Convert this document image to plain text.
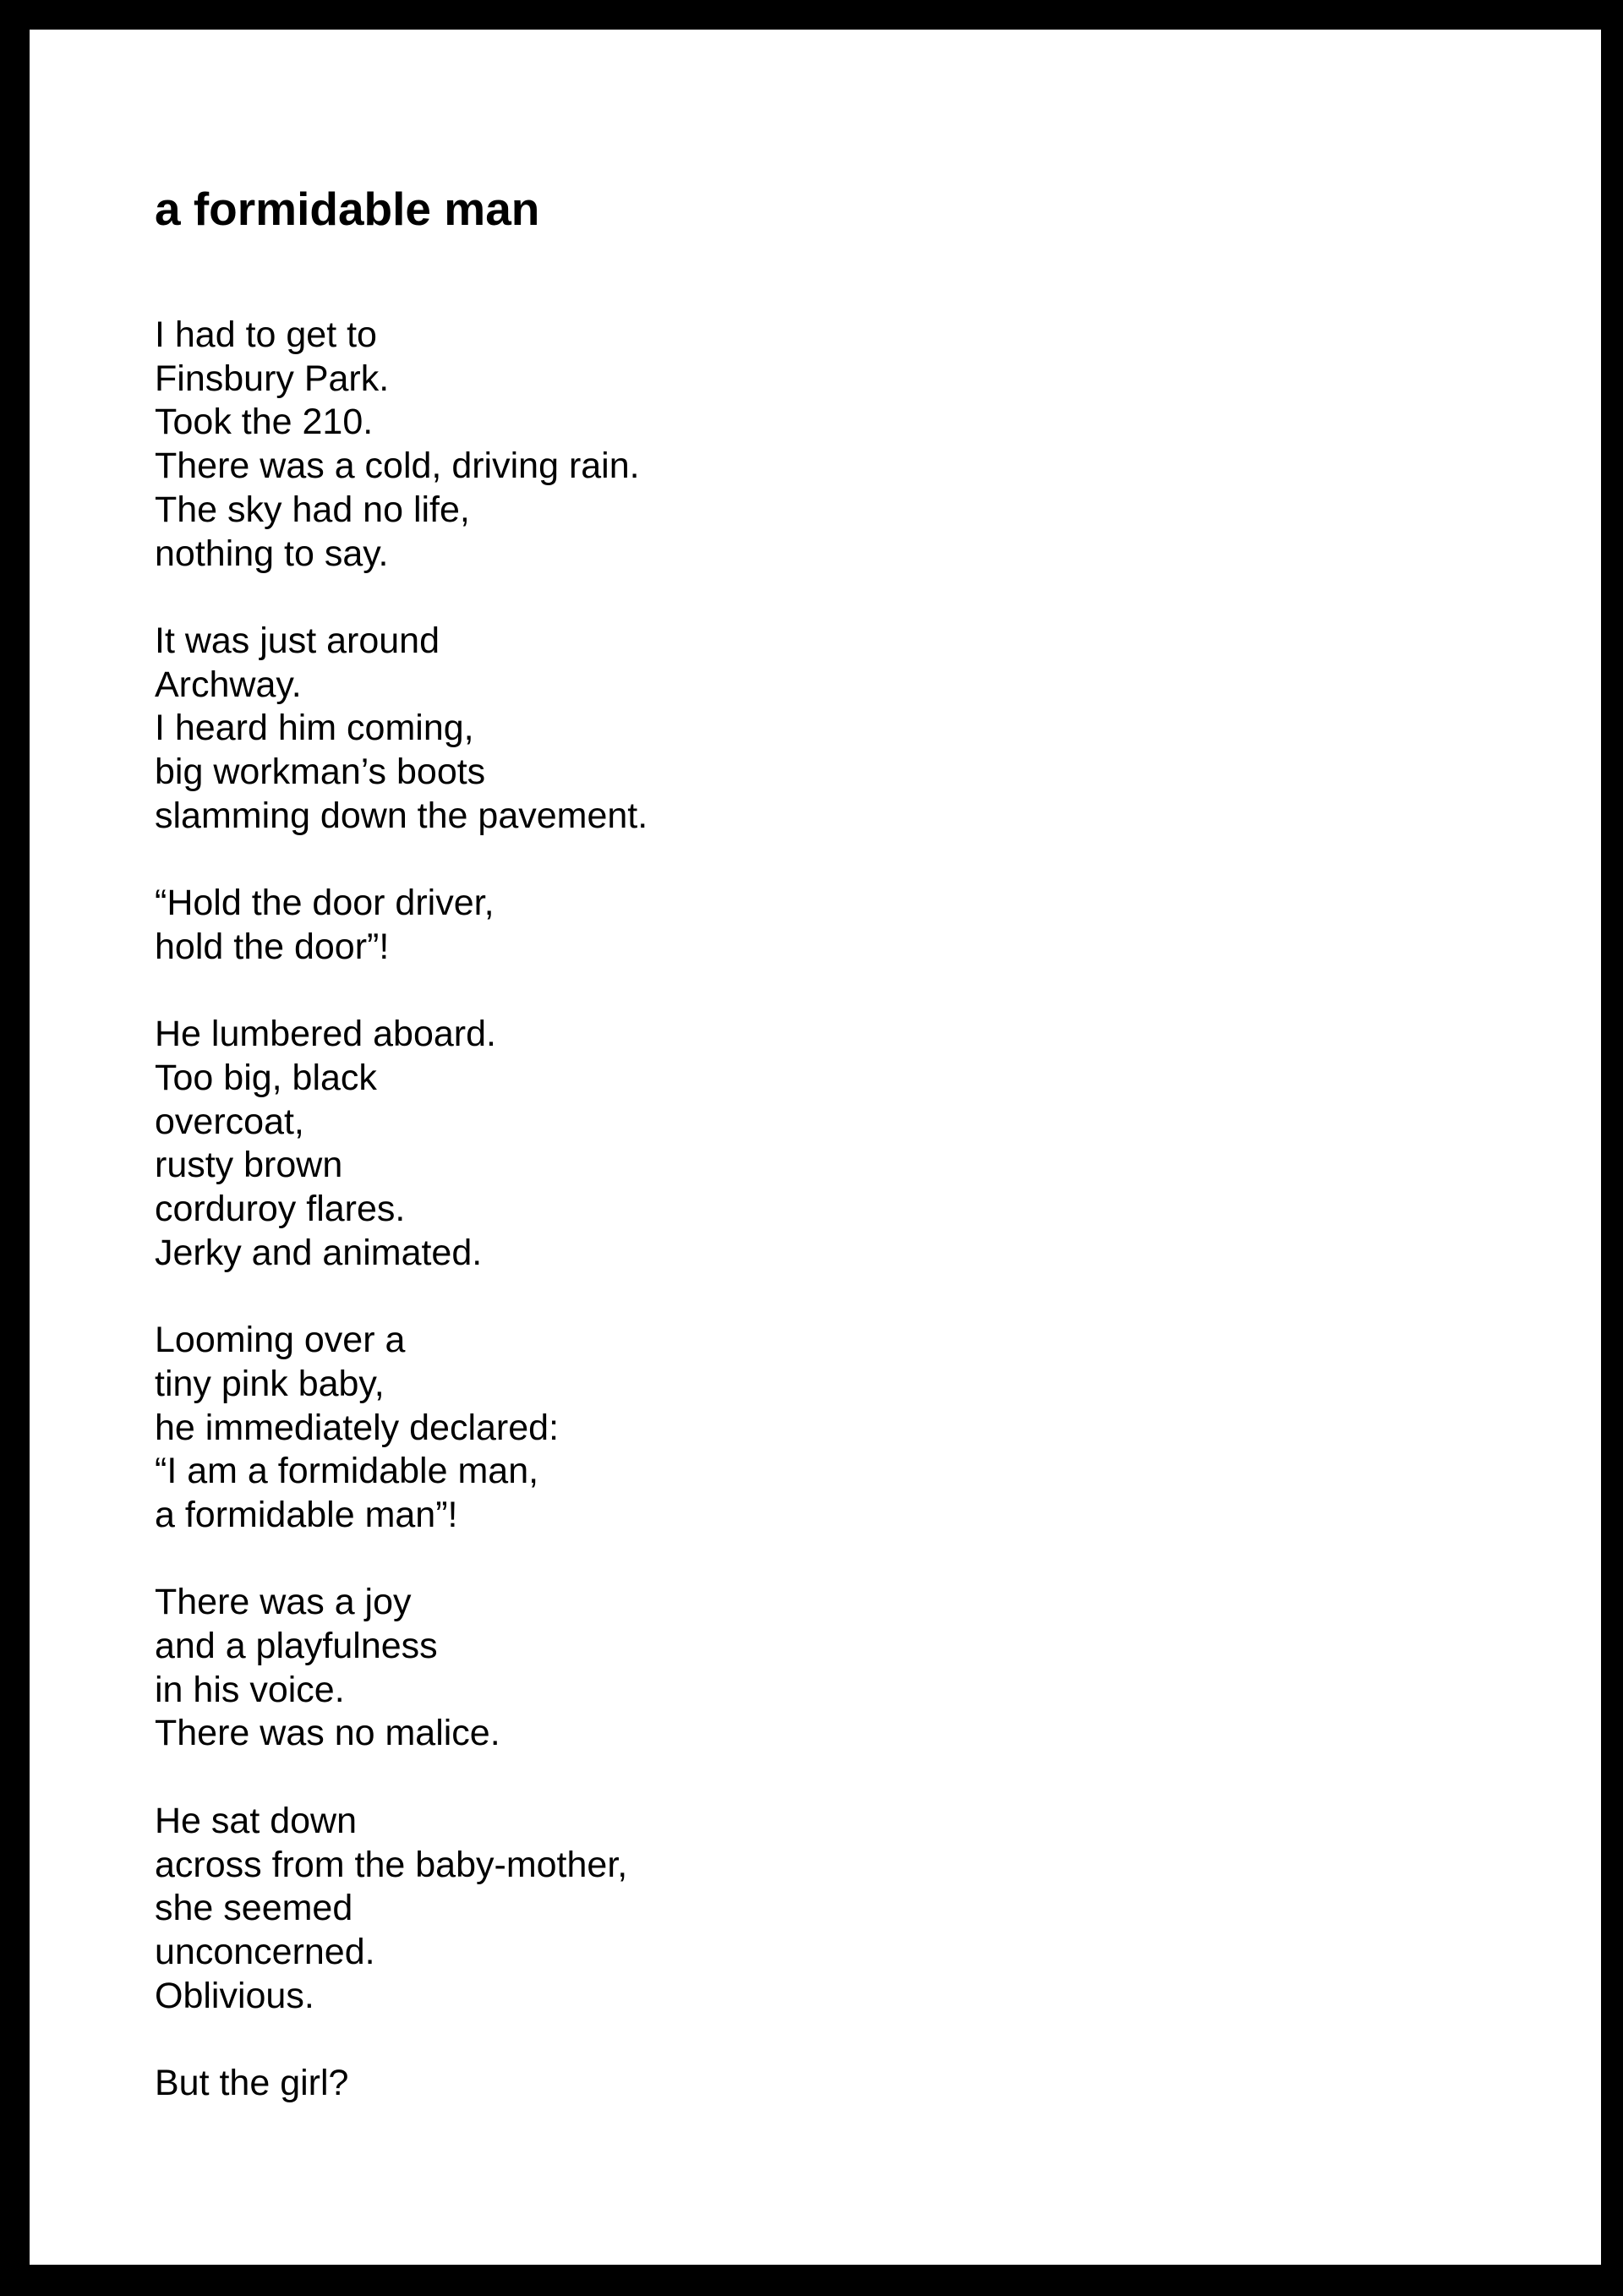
a formidable man
I had to get to
Finsbury Park.
Took the 210.
There was a cold, driving rain.
The sky had no life,
nothing to say.
It was just around
Archway.
I heard him coming,
big workman’s boots
slamming down the pavement.
“Hold the door driver,
hold the door”!
He lumbered aboard.
Too big, black
overcoat,
rusty brown
corduroy flares.
Jerky and animated.
Looming over a
tiny pink baby,
he immediately declared:
“I am a formidable man,
a formidable man”!
There was a joy
and a playfulness
in his voice.
There was no malice.
He sat down
across from the baby-mother,
she seemed
unconcerned.
Oblivious.
But the girl?
